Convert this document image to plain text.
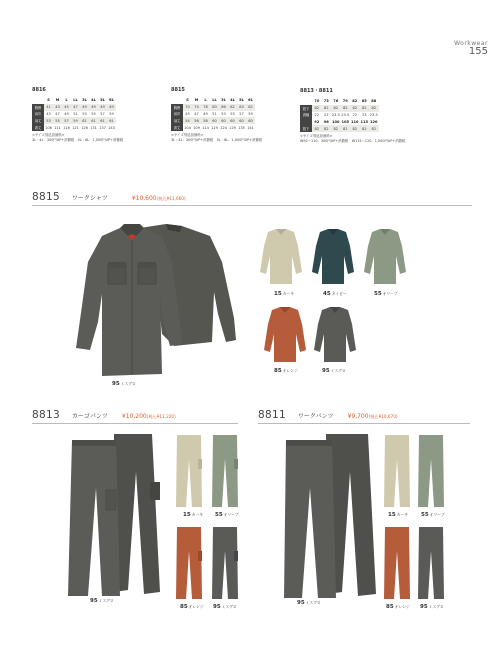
Workwear
155
8816
	S	M	L	LL	3L	4L	5L	6L
胸囲	41	43	45	47	49	49	49	49
肩巾	45	47	49	51	53	55	57	59
袖丈	53	55	57	59	61	61	61	61
着丈	106	111	116	121	126	131	137	143
<サイズ別追加価格>
3L・4L：300円UP+消費税　5L・6L：1,000円UP+消費税
8815
	S	M	L	LL	3L	4L	5L	6L
胸囲	70	74	78	80	86	82	83	82
肩巾	45	47	49	51	53	55	57	59
袖丈	54	56	58	60	60	60	60	60
着丈	104	109	114	119	124	129	135	141
<サイズ別追加価格>
3L・4L：300円UP+消費税　5L・6L：1,000円UP+消費税
8813・8811
	70	73	76	79	82	85	88
股下	82	82	82	82	82	82	82
渡幅	22	23	23.5	23.5	22	23	23.5
	92	96	100	105	110	115	120
股下	82	82	82	82	82	82	82
<サイズ別追加価格>
W92〜110：300円UP+消費税　W115〜120：1,000円UP+消費税
8815 ワークシャツ	¥10,600(税込¥11,660)
95ミスグロ
15カーキ	45ネイビー	55オリーブ
85オレンジ	95ミスグロ
8813 カーゴパンツ ¥10,200(税込¥11,220)	8811 ワークパンツ ¥9,700(税込¥10,670)
95ミスグロ
15カーキ 55オリーブ
85オレンジ 95ミスグロ
95ミスグロ
15カーキ 55オリーブ
85オレンジ 95ミスグロ
